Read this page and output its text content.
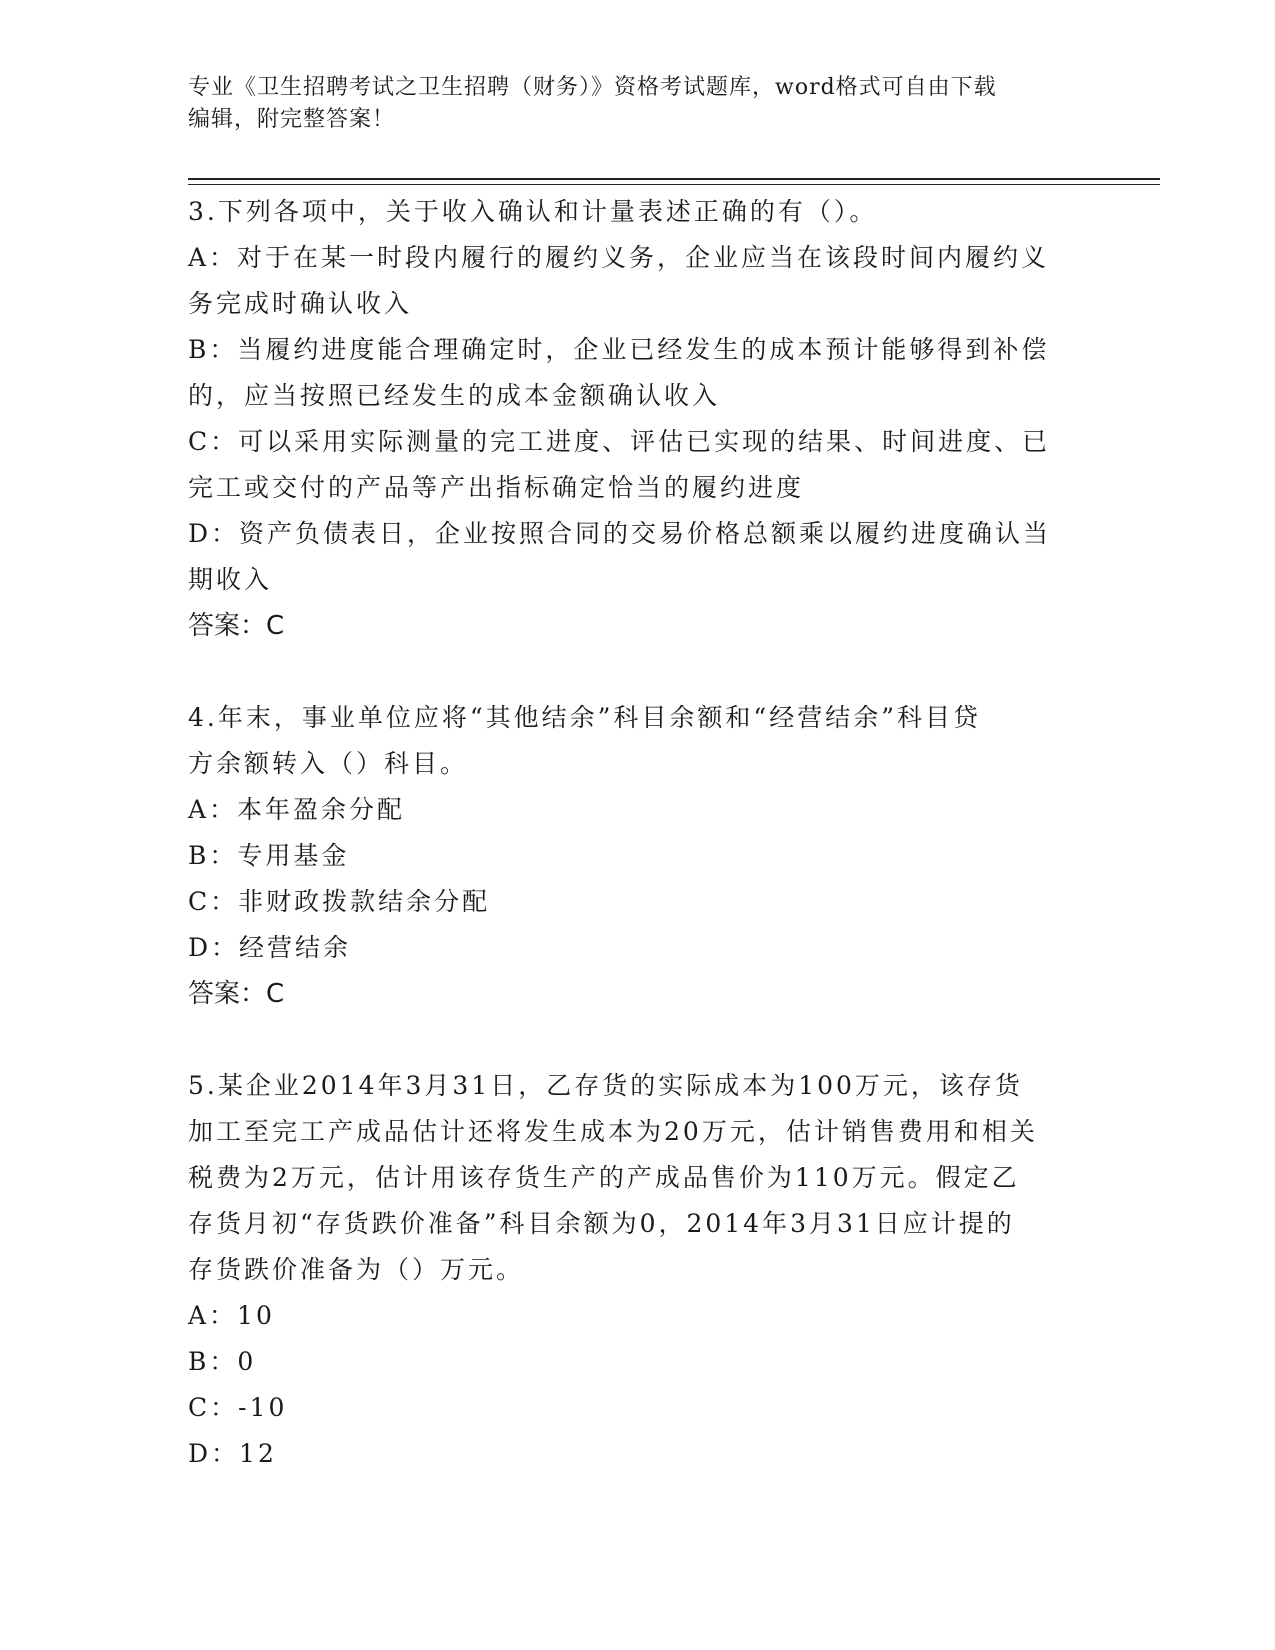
专业《卫生招聘考试之卫生招聘（财务）》资格考试题库，word格式可自由下载
编辑，附完整答案！
3.下列各项中，关于收入确认和计量表述正确的有（）。
A：对于在某一时段内履行的履约义务，企业应当在该段时间内履约义
务完成时确认收入
B：当履约进度能合理确定时，企业已经发生的成本预计能够得到补偿
的，应当按照已经发生的成本金额确认收入
C：可以采用实际测量的完工进度、评估已实现的结果、时间进度、已
完工或交付的产品等产出指标确定恰当的履约进度
D：资产负债表日，企业按照合同的交易价格总额乘以履约进度确认当
期收入
答案：C
4.年末，事业单位应将“其他结余”科目余额和“经营结余”科目贷
方余额转入（）科目。
A：本年盈余分配
B：专用基金
C：非财政拨款结余分配
D：经营结余
答案：C
5.某企业2014年3月31日，乙存货的实际成本为100万元，该存货
加工至完工产成品估计还将发生成本为20万元，估计销售费用和相关
税费为2万元，估计用该存货生产的产成品售价为110万元。假定乙
存货月初“存货跌价准备”科目余额为0，2014年3月31日应计提的
存货跌价准备为（）万元。
A：10
B：0
C：-10
D：12
